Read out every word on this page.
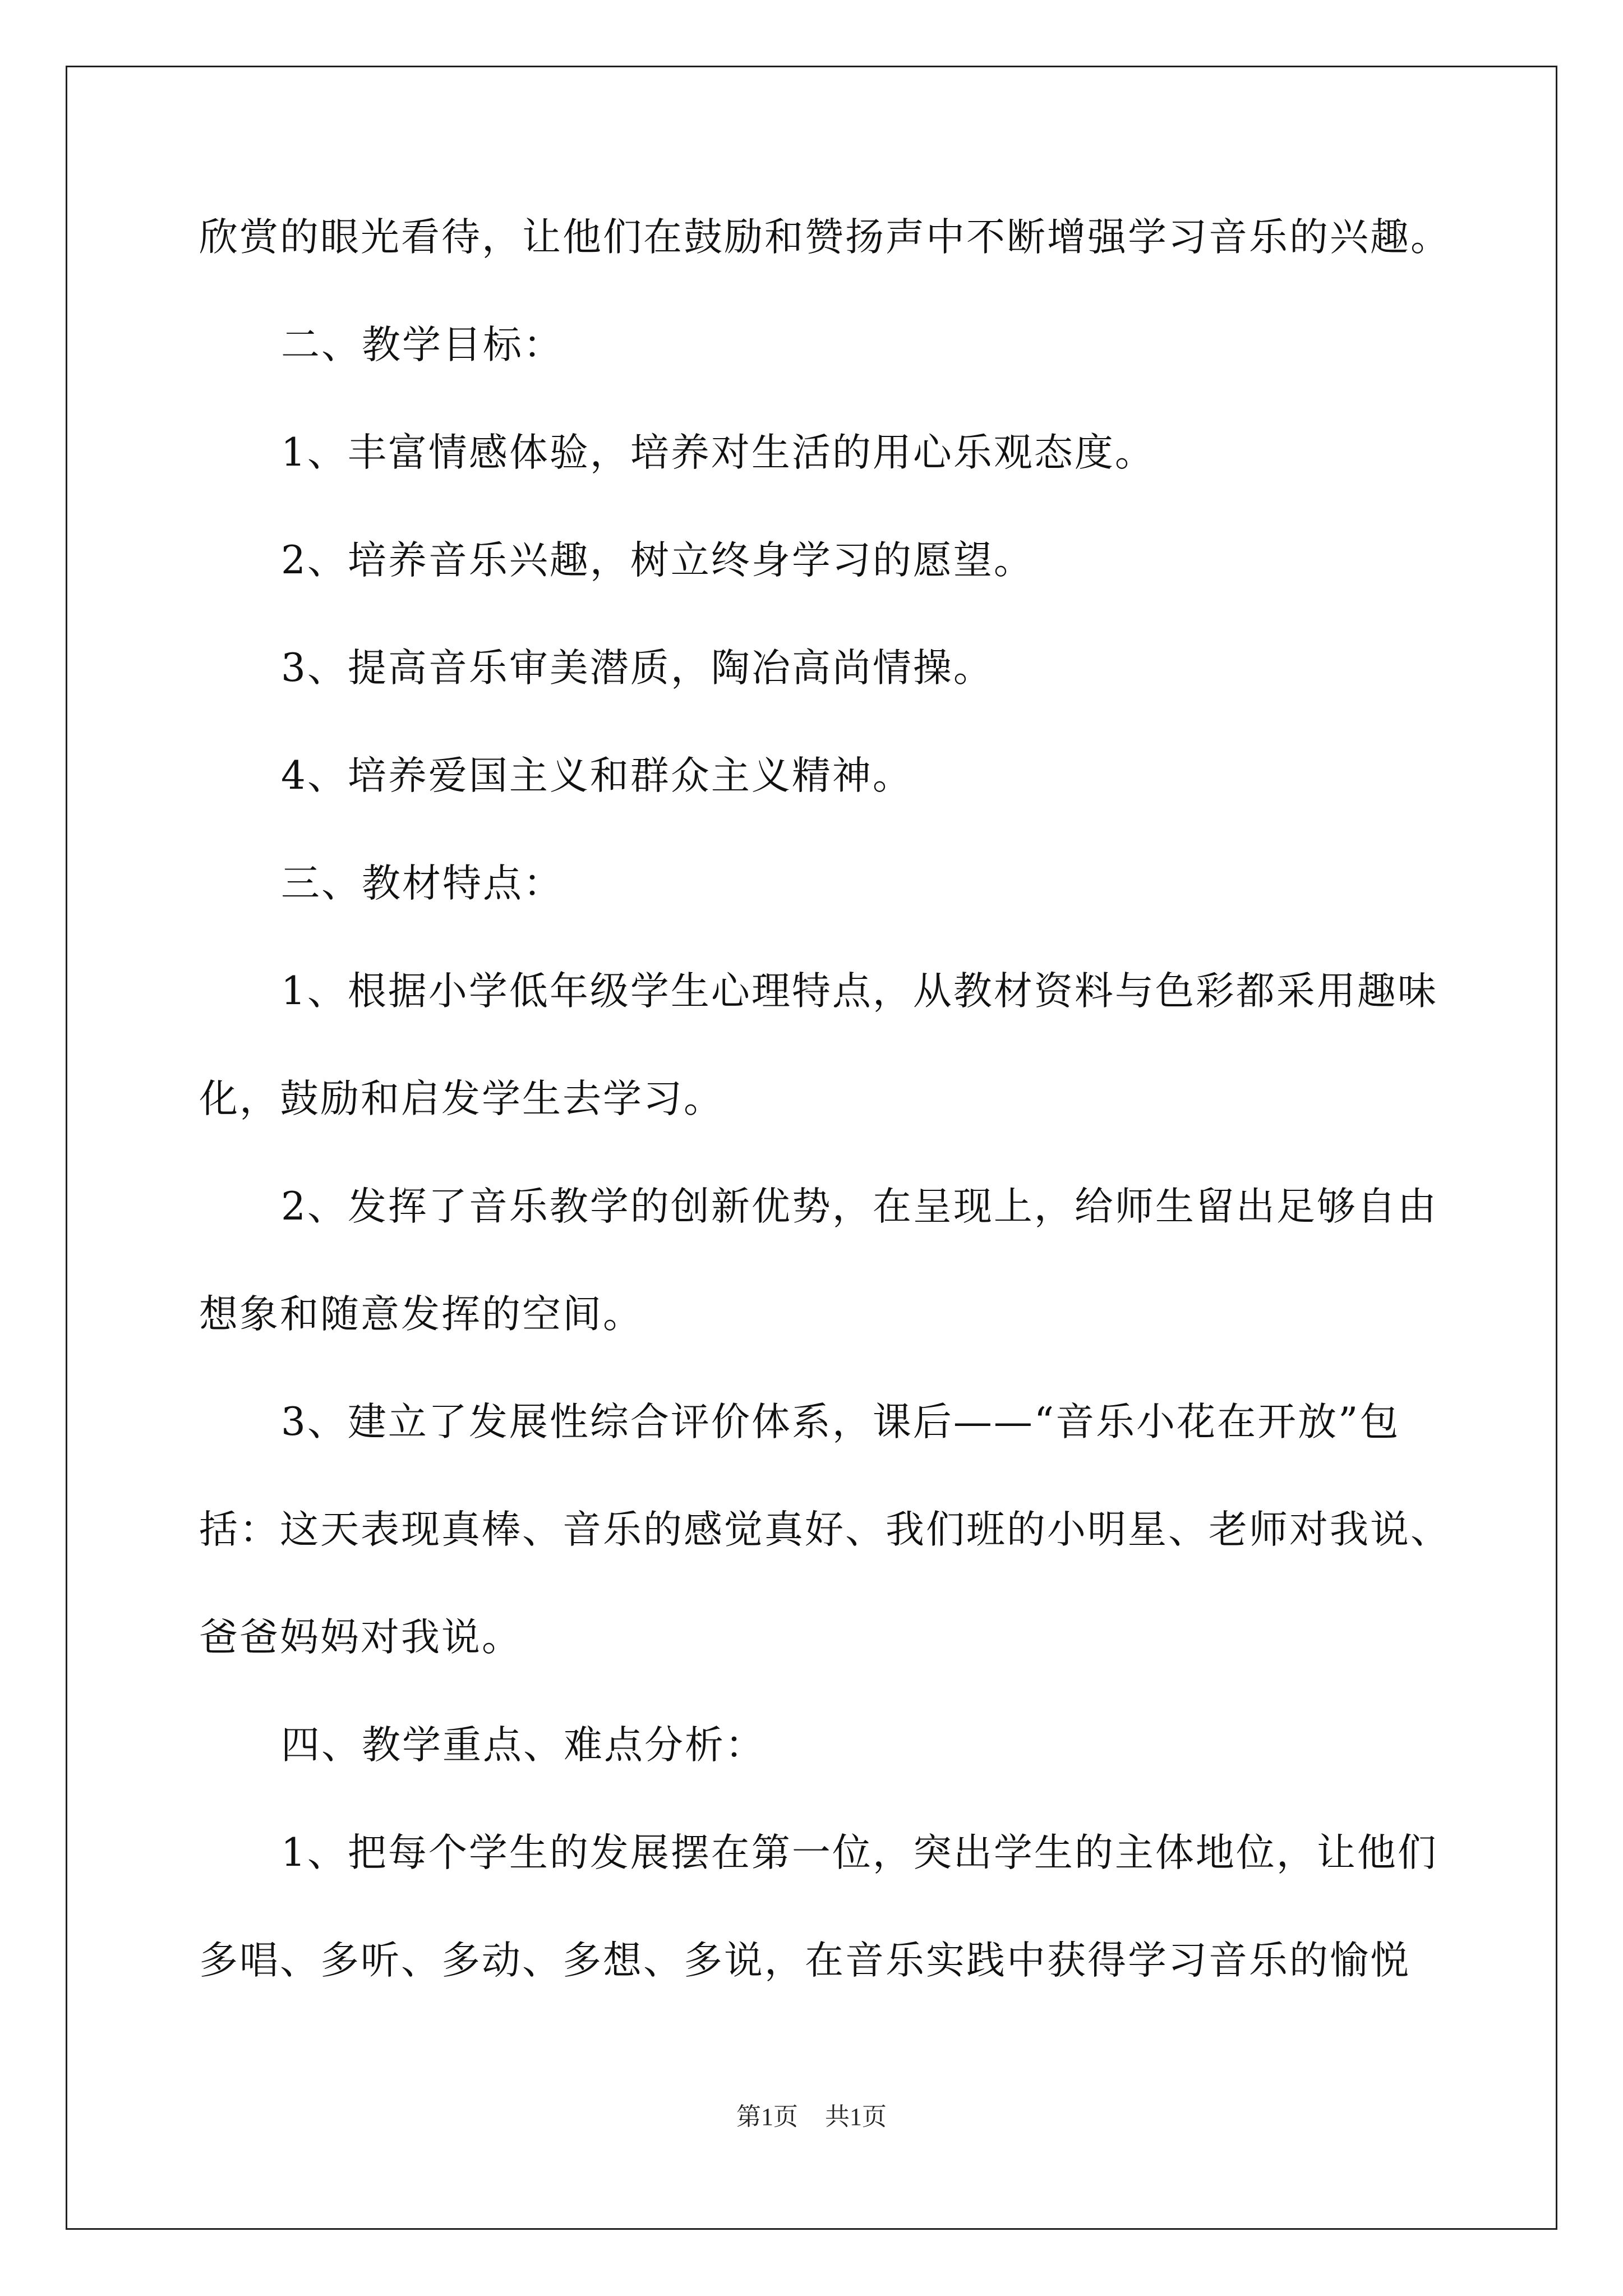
欣赏的眼光看待，让他们在鼓励和赞扬声中不断增强学习音乐的兴趣。
二、教学目标：
1、丰富情感体验，培养对生活的用心乐观态度。
2、培养音乐兴趣，树立终身学习的愿望。
3、提高音乐审美潜质，陶冶高尚情操。
4、培养爱国主义和群众主义精神。
三、教材特点：
1、根据小学低年级学生心理特点，从教材资料与色彩都采用趣味
化，鼓励和启发学生去学习。
2、发挥了音乐教学的创新优势，在呈现上，给师生留出足够自由
想象和随意发挥的空间。
3、建立了发展性综合评价体系，课后——“音乐小花在开放”包
括：这天表现真棒、音乐的感觉真好、我们班的小明星、老师对我说、
爸爸妈妈对我说。
四、教学重点、难点分析：
1、把每个学生的发展摆在第一位，突出学生的主体地位，让他们
多唱、多听、多动、多想、多说，在音乐实践中获得学习音乐的愉悦
第1页 共1页
